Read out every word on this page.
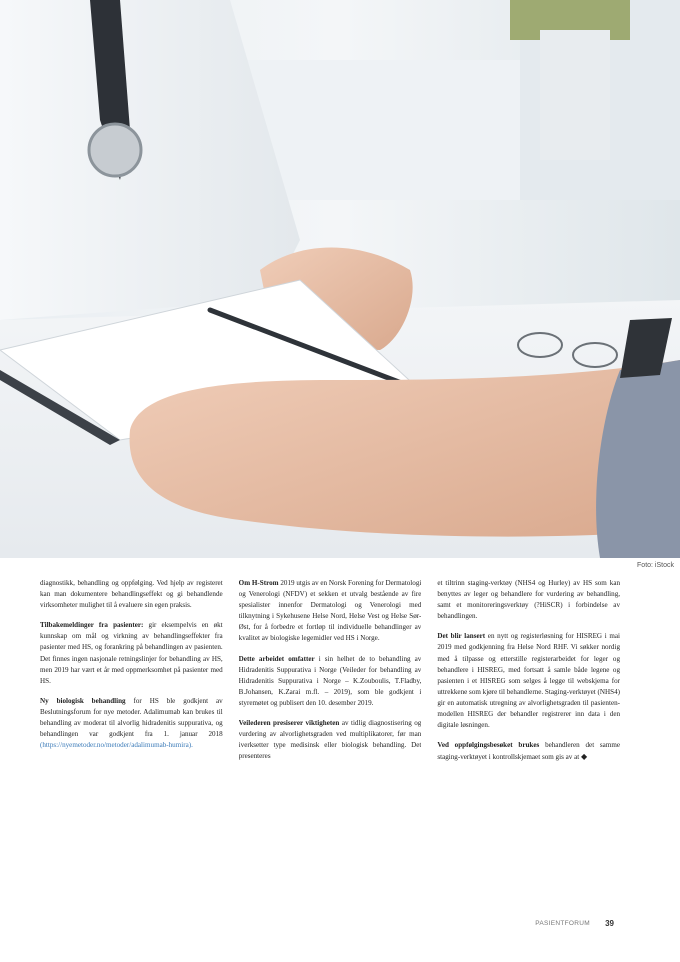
Foto: iStock

diagnostikk, behandling og oppfølging. Ved hjelp av registeret kan man dokumentere behandlingseffekt og gi behandlende virksomheter mulighet til å evaluere sin egen praksis.

Tilbakemeldinger fra pasienter: gir eksempelvis en økt kunnskap om mål og virkning av behandlingseffekter fra pasienter med HS, og forankring på behandlingen av pasienten. Det finnes ingen nasjonale retningslinjer for behandling av HS, men 2019 har vært et år med oppmerksomhet på pasienter med HS.

Ny biologisk behandling for HS ble godkjent av Beslutningsforum for nye metoder. Adalimumab kan brukes til behandling av moderat til alvorlig hidradenitis suppurativa, og behandlingen var godkjent fra 1. januar 2018 (https://nyemetoder.no/metoder/adalimumab-humira).

Om H-Strom 2019 utgis av en Norsk Forening for Dermatologi og Venerologi (NFDV) et sekken et utvalg bestående av fire spesialister innenfor Dermatologi og Venerologi med tilknytning i Sykehusene Helse Nord, Helse Vest og Helse Sør-Øst, for å forbedre et fortløp til individuelle behandlinger av kvalitet av biologiske legemidler ved HS i Norge.

Dette arbeidet omfatter i sin helhet de to behandling av Hidradenitis Suppurativa i Norge (Veileder for behandling av Hidradenitis Suppurativa i Norge – K.Zouboulis, T.Fladby, B.Johansen, K.Zarai m.fl. – 2019), som ble godkjent i styremøtet og publisert den 10. desember 2019.

Veilederen presiserer viktigheten av tidlig diagnostisering og vurdering av alvorlighetsgraden ved multiplikatorer, før man iverksetter type medisinsk eller biologisk behandling. Det presenteres

et tiltrinn staging-verktøy (NHS4 og Hurley) av HS som kan benyttes av leger og behandlere for vurdering av behandling, samt et monitoreringsverktøy (?HiSCR) i forbindelse av behandlingen.

Det blir lansert en nytt og registerløsning for HISREG i mai 2019 med godkjenning fra Helse Nord RHF. Vi søkker nordig med å tilpasse og etterstille registerarbeidet for leger og behandlere i HISREG, med fortsatt å samle både legene og pasienten i et HISREG som selges å legge til webskjema for uttrekkene som kjøre til behandlerne. Staging-verktøyet (NHS4) gir en automatisk utregning av alvorlighetsgraden til pasienten-modellen HISREG der behandler registrerer inn data i den digitale løsningen.

Ved oppfølgingsbesøket brukes behandleren det samme staging-verktøyet i kontrollskjemaet som gis av at ◆

PASIENTFORUM 39
